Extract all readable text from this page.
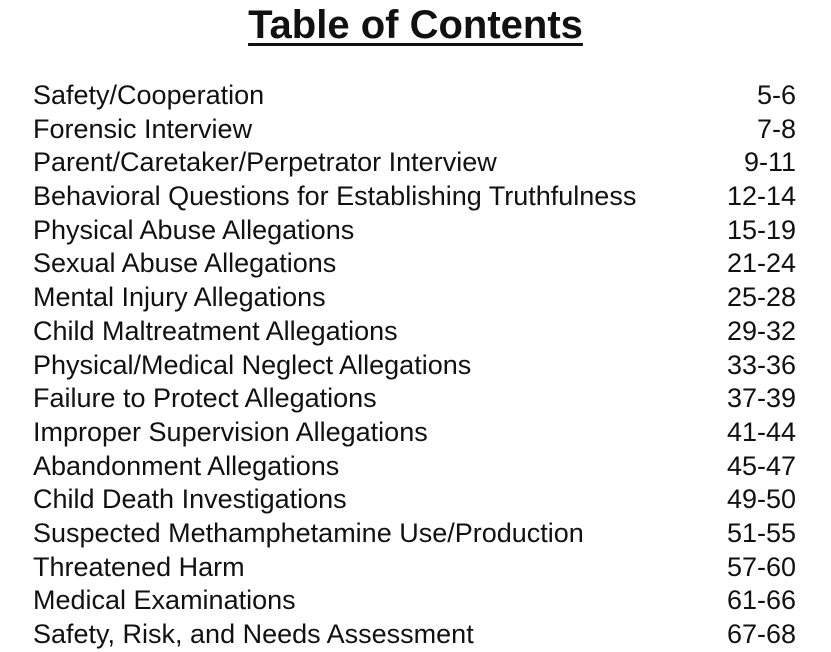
Table of Contents
Safety/Cooperation	5-6
Forensic Interview	7-8
Parent/Caretaker/Perpetrator Interview	9-11
Behavioral Questions for Establishing Truthfulness	12-14
Physical Abuse Allegations	15-19
Sexual Abuse Allegations	21-24
Mental Injury Allegations	25-28
Child Maltreatment Allegations	29-32
Physical/Medical Neglect Allegations	33-36
Failure to Protect Allegations	37-39
Improper Supervision Allegations	41-44
Abandonment Allegations	45-47
Child Death Investigations	49-50
Suspected Methamphetamine Use/Production	51-55
Threatened Harm	57-60
Medical Examinations	61-66
Safety, Risk, and Needs Assessment	67-68
